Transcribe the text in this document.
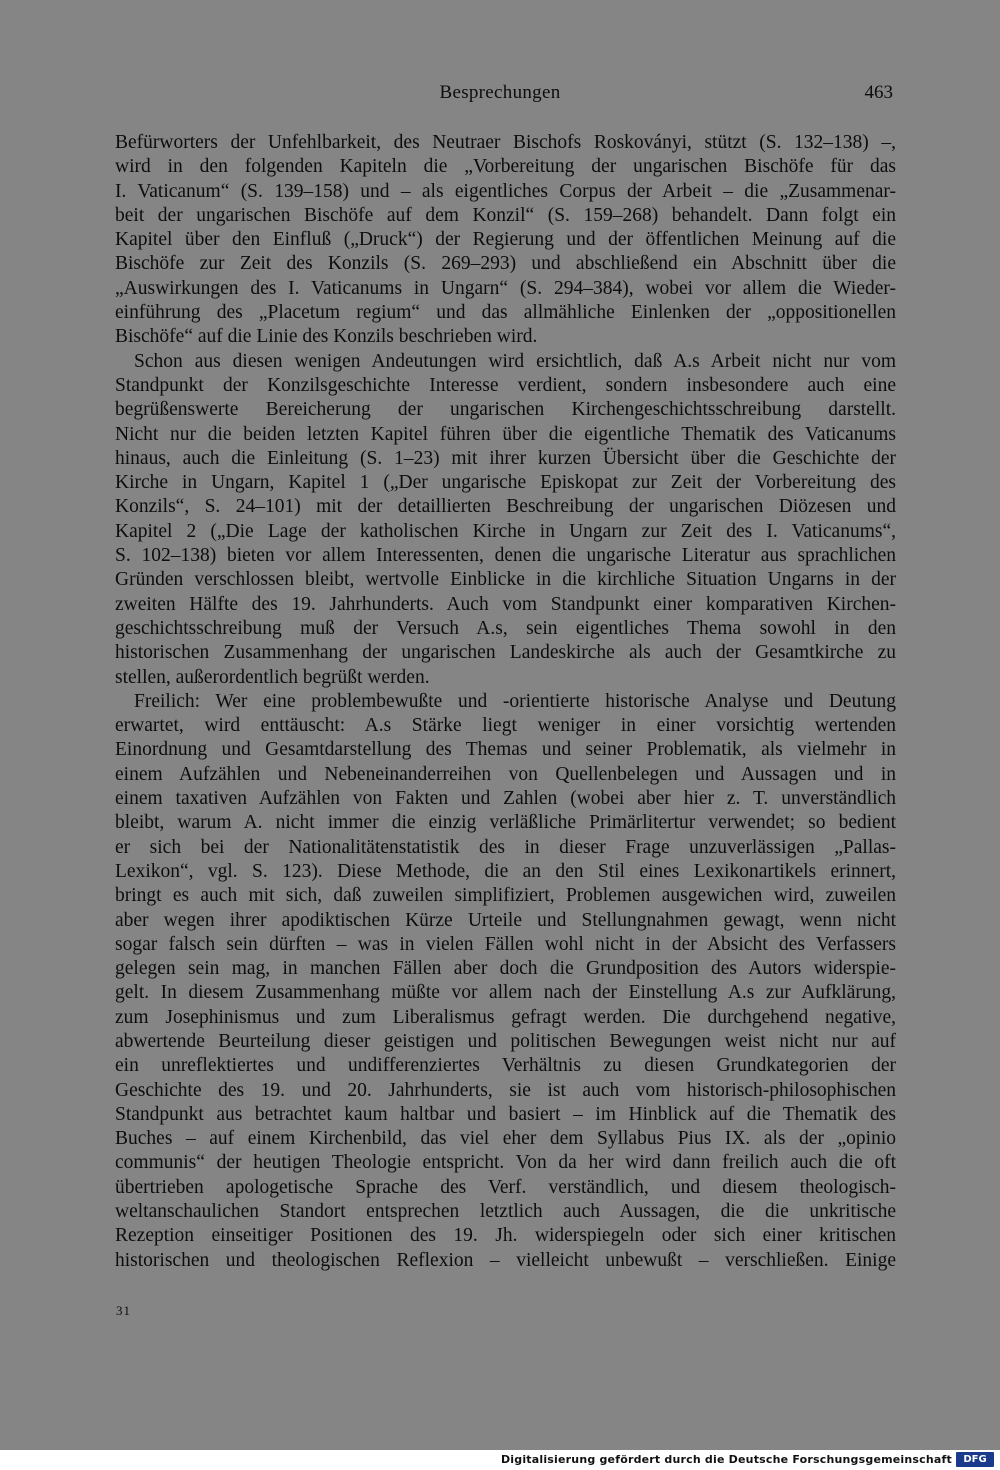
Besprechungen	463
Befürworters der Unfehlbarkeit, des Neutraer Bischofs Roskoványi, stützt (S. 132–138) –,
wird in den folgenden Kapiteln die „Vorbereitung der ungarischen Bischöfe für das
I. Vaticanum“ (S. 139–158) und – als eigentliches Corpus der Arbeit – die „Zusammenar-
beit der ungarischen Bischöfe auf dem Konzil“ (S. 159–268) behandelt. Dann folgt ein
Kapitel über den Einfluß („Druck“) der Regierung und der öffentlichen Meinung auf die
Bischöfe zur Zeit des Konzils (S. 269–293) und abschließend ein Abschnitt über die
„Auswirkungen des I. Vaticanums in Ungarn“ (S. 294–384), wobei vor allem die Wieder-
einführung des „Placetum regium“ und das allmähliche Einlenken der „oppositionellen
Bischöfe“ auf die Linie des Konzils beschrieben wird.
Schon aus diesen wenigen Andeutungen wird ersichtlich, daß A.s Arbeit nicht nur vom
Standpunkt der Konzilsgeschichte Interesse verdient, sondern insbesondere auch eine
begrüßenswerte Bereicherung der ungarischen Kirchengeschichtsschreibung darstellt.
Nicht nur die beiden letzten Kapitel führen über die eigentliche Thematik des Vaticanums
hinaus, auch die Einleitung (S. 1–23) mit ihrer kurzen Übersicht über die Geschichte der
Kirche in Ungarn, Kapitel 1 („Der ungarische Episkopat zur Zeit der Vorbereitung des
Konzils“, S. 24–101) mit der detaillierten Beschreibung der ungarischen Diözesen und
Kapitel 2 („Die Lage der katholischen Kirche in Ungarn zur Zeit des I. Vaticanums“,
S. 102–138) bieten vor allem Interessenten, denen die ungarische Literatur aus sprachlichen
Gründen verschlossen bleibt, wertvolle Einblicke in die kirchliche Situation Ungarns in der
zweiten Hälfte des 19. Jahrhunderts. Auch vom Standpunkt einer komparativen Kirchen-
geschichtsschreibung muß der Versuch A.s, sein eigentliches Thema sowohl in den
historischen Zusammenhang der ungarischen Landeskirche als auch der Gesamtkirche zu
stellen, außerordentlich begrüßt werden.
Freilich: Wer eine problembewußte und -orientierte historische Analyse und Deutung
erwartet, wird enttäuscht: A.s Stärke liegt weniger in einer vorsichtig wertenden
Einordnung und Gesamtdarstellung des Themas und seiner Problematik, als vielmehr in
einem Aufzählen und Nebeneinanderreihen von Quellenbelegen und Aussagen und in
einem taxativen Aufzählen von Fakten und Zahlen (wobei aber hier z. T. unverständlich
bleibt, warum A. nicht immer die einzig verläßliche Primärlitertur verwendet; so bedient
er sich bei der Nationalitätenstatistik des in dieser Frage unzuverlässigen „Pallas-
Lexikon“, vgl. S. 123). Diese Methode, die an den Stil eines Lexikonartikels erinnert,
bringt es auch mit sich, daß zuweilen simplifiziert, Problemen ausgewichen wird, zuweilen
aber wegen ihrer apodiktischen Kürze Urteile und Stellungnahmen gewagt, wenn nicht
sogar falsch sein dürften – was in vielen Fällen wohl nicht in der Absicht des Verfassers
gelegen sein mag, in manchen Fällen aber doch die Grundposition des Autors widerspie-
gelt. In diesem Zusammenhang müßte vor allem nach der Einstellung A.s zur Aufklärung,
zum Josephinismus und zum Liberalismus gefragt werden. Die durchgehend negative,
abwertende Beurteilung dieser geistigen und politischen Bewegungen weist nicht nur auf
ein unreflektiertes und undifferenziertes Verhältnis zu diesen Grundkategorien der
Geschichte des 19. und 20. Jahrhunderts, sie ist auch vom historisch-philosophischen
Standpunkt aus betrachtet kaum haltbar und basiert – im Hinblick auf die Thematik des
Buches – auf einem Kirchenbild, das viel eher dem Syllabus Pius IX. als der „opinio
communis“ der heutigen Theologie entspricht. Von da her wird dann freilich auch die oft
übertrieben apologetische Sprache des Verf. verständlich, und diesem theologisch-
weltanschaulichen Standort entsprechen letztlich auch Aussagen, die die unkritische
Rezeption einseitiger Positionen des 19. Jh. widerspiegeln oder sich einer kritischen
historischen und theologischen Reflexion – vielleicht unbewußt – verschließen. Einige
31
Digitalisierung gefördert durch die Deutsche Forschungsgemeinschaft	DFG
